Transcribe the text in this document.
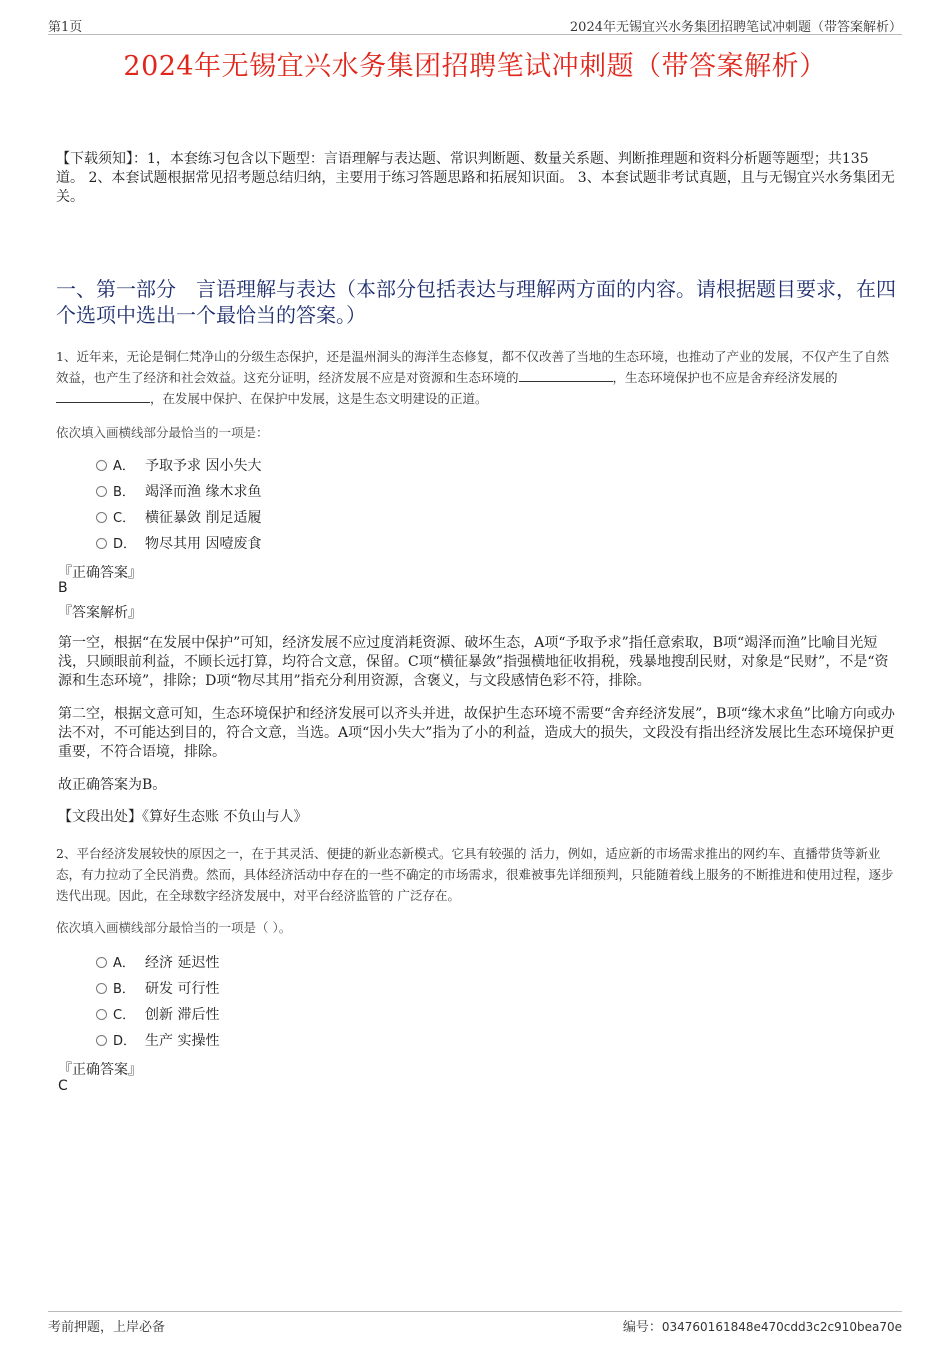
第1页	2024年无锡宜兴水务集团招聘笔试冲刺题（带答案解析）
2024年无锡宜兴水务集团招聘笔试冲刺题（带答案解析）
【下载须知】：1，本套练习包含以下题型：言语理解与表达题、常识判断题、数量关系题、判断推理题和资料分析题等题型；共135道。 2、本套试题根据常见招考题总结归纳，主要用于练习答题思路和拓展知识面。 3、本套试题非考试真题，且与无锡宜兴水务集团无关。
一、第一部分 言语理解与表达（本部分包括表达与理解两方面的内容。请根据题目要求，在四个选项中选出一个最恰当的答案。）
1、近年来，无论是铜仁梵净山的分级生态保护，还是温州洞头的海洋生态修复，都不仅改善了当地的生态环境，也推动了产业的发展，不仅产生了自然效益，也产生了经济和社会效益。这充分证明，经济发展不应是对资源和生态环境的	，生态环境保护也不应是舍弃经济发展的，在发展中保护、在保护中发展，这是生态文明建设的正道。
依次填入画横线部分最恰当的一项是：
A． 予取予求 因小失大
B． 竭泽而渔 缘木求鱼
C． 横征暴敛 削足适履
D． 物尽其用 因噎废食
『正确答案』
B
『答案解析』
第一空，根据“在发展中保护”可知，经济发展不应过度消耗资源、破坏生态，A项“予取予求”指任意索取，B项“竭泽而渔”比喻目光短浅，只顾眼前利益，不顾长远打算，均符合文意，保留。C项“横征暴敛”指强横地征收捐税，残暴地搜刮民财，对象是“民财”，不是“资源和生态环境”，排除；D项“物尽其用”指充分利用资源，含褒义，与文段感情色彩不符，排除。
第二空，根据文意可知，生态环境保护和经济发展可以齐头并进，故保护生态环境不需要“舍弃经济发展”，B项“缘木求鱼”比喻方向或办法不对，不可能达到目的，符合文意，当选。A项“因小失大”指为了小的利益，造成大的损失，文段没有指出经济发展比生态环境保护更重要，不符合语境，排除。
故正确答案为B。
【文段出处】《算好生态账 不负山与人》
2、平台经济发展较快的原因之一，在于其灵活、便捷的新业态新模式。它具有较强的 活力，例如，适应新的市场需求推出的网约车、直播带货等新业态，有力拉动了全民消费。然而，具体经济活动中存在的一些不确定的市场需求，很难被事先详细预判，只能随着线上服务的不断推进和使用过程，逐步迭代出现。因此，在全球数字经济发展中，对平台经济监管的 广泛存在。
依次填入画横线部分最恰当的一项是（ ）。
A． 经济 延迟性
B． 研发 可行性
C． 创新 滞后性
D． 生产 实操性
『正确答案』
C
考前押题，上岸必备	编号：034760161848e470cdd3c2c910bea70e
